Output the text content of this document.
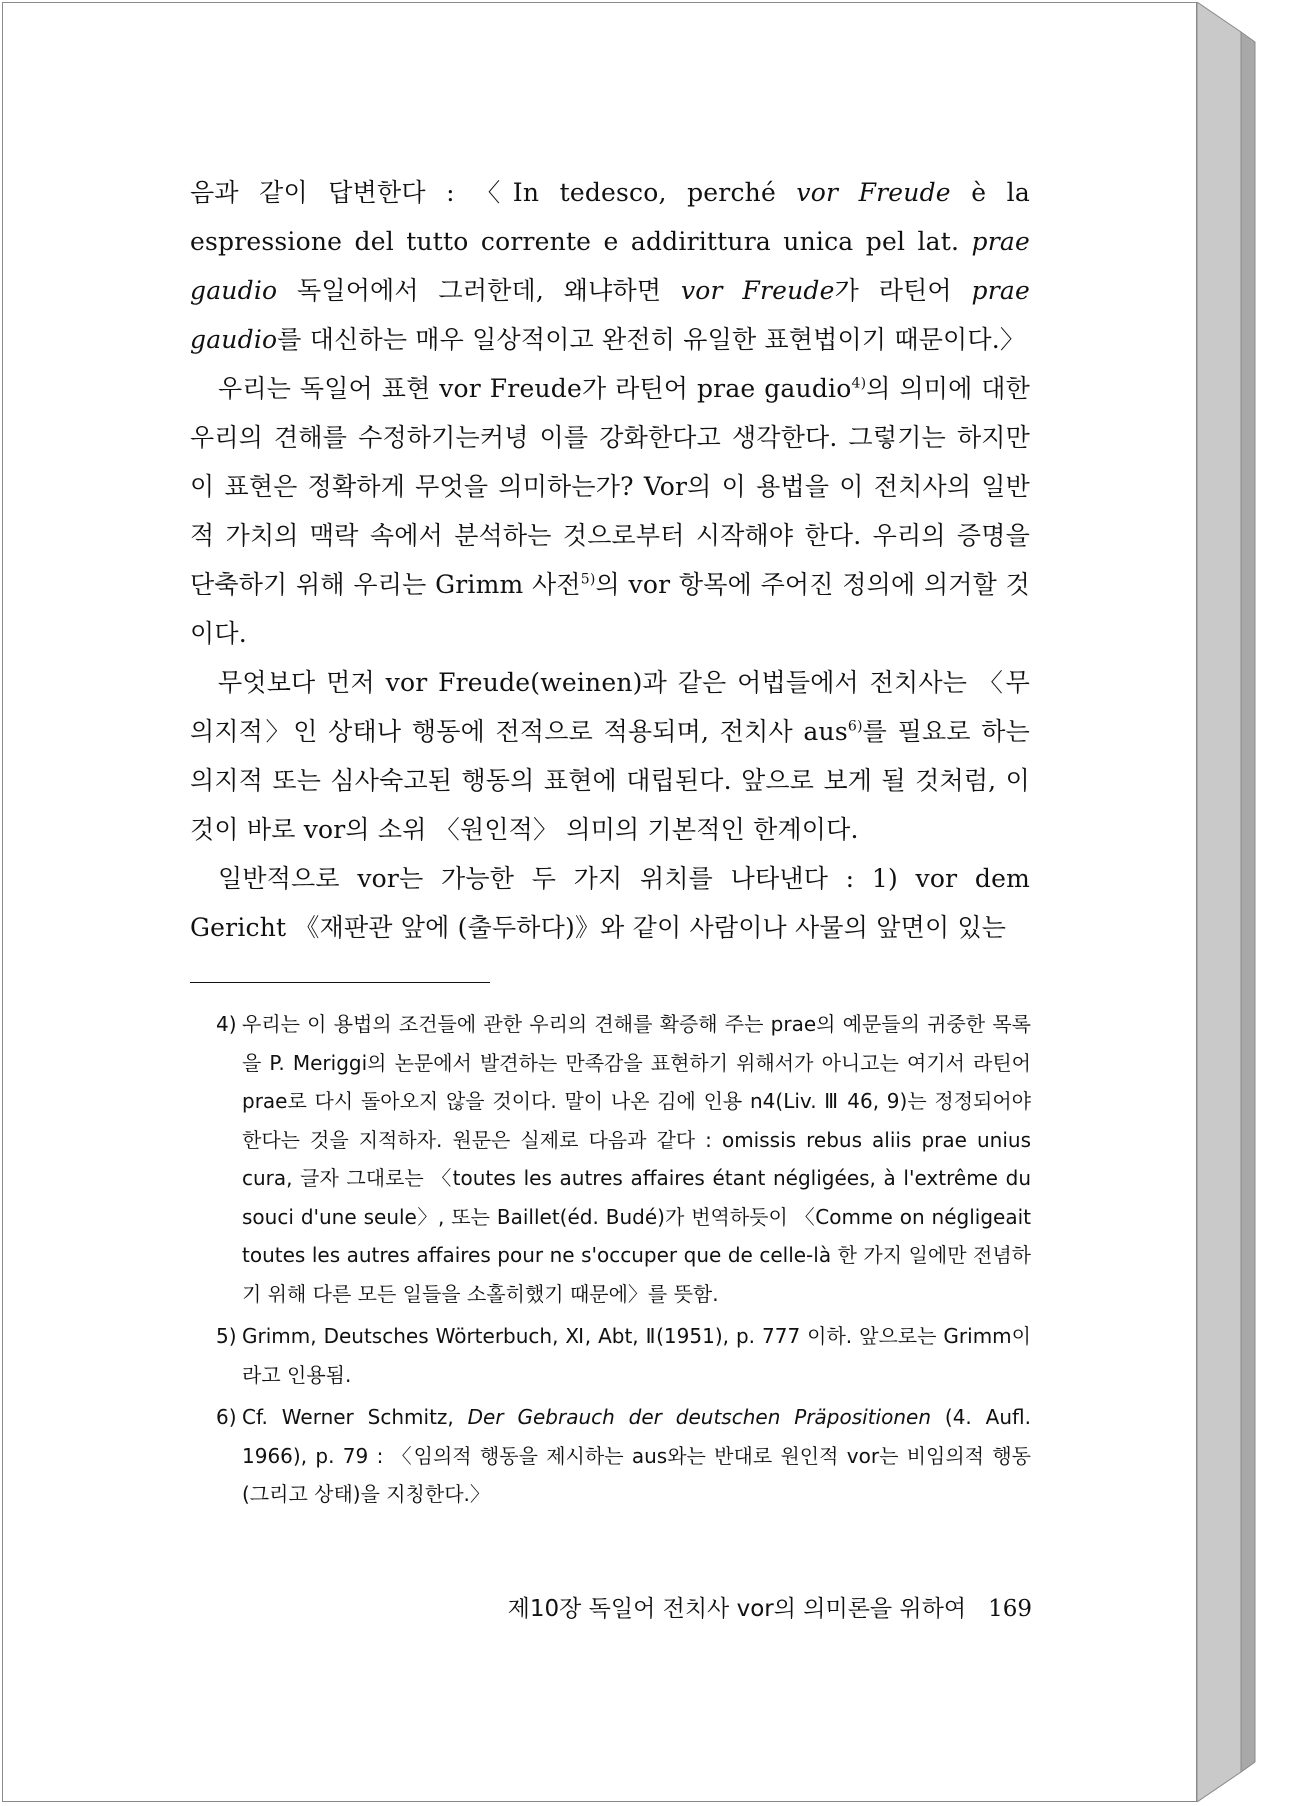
음과 같이 답변한다 : 〈In tedesco, perché vor Freude è la espressione del tutto corrente e addirittura unica pel lat. prae gaudio 독일어에서 그러한데, 왜냐하면 vor Freude가 라틴어 prae gaudio를 대신하는 매우 일상적이고 완전히 유일한 표현법이기 때문이다.〉

우리는 독일어 표현 vor Freude가 라틴어 prae gaudio$^{4)}$의 의미에 대한 우리의 견해를 수정하기는커녕 이를 강화한다고 생각한다. 그렇기는 하지만 이 표현은 정확하게 무엇을 의미하는가? Vor의 이 용법을 이 전치사의 일반적 가치의 맥락 속에서 분석하는 것으로부터 시작해야 한다. 우리의 증명을 단축하기 위해 우리는 Grimm 사전$^{5)}$의 vor 항목에 주어진 정의에 의거할 것이다.

무엇보다 먼저 vor Freude(weinen)과 같은 어법들에서 전치사는 〈무의지적〉인 상태나 행동에 전적으로 적용되며, 전치사 aus$^{6)}$를 필요로 하는 의지적 또는 심사숙고된 행동의 표현에 대립된다. 앞으로 보게 될 것처럼, 이것이 바로 vor의 소위 〈원인적〉 의미의 기본적인 한계이다.

일반적으로 vor는 가능한 두 가지 위치를 나타낸다 : 1) vor dem Gericht 《재판관 앞에 (출두하다)》와 같이 사람이나 사물의 앞면이 있는

4) 우리는 이 용법의 조건들에 관한 우리의 견해를 확증해 주는 prae의 예문들의 귀중한 목록을 P. Meriggi의 논문에서 발견하는 만족감을 표현하기 위해서가 아니고는 여기서 라틴어 prae로 다시 돌아오지 않을 것이다. 말이 나온 김에 인용 n4(Liv. Ⅲ 46, 9)는 정정되어야 한다는 것을 지적하자. 원문은 실제로 다음과 같다 : omissis rebus aliis prae unius cura, 글자 그대로는 〈toutes les autres affaires étant négligées, à l'extrême du souci d'une seule〉, 또는 Baillet(éd. Budé)가 번역하듯이 〈Comme on négligeait toutes les autres affaires pour ne s'occuper que de celle-là 한 가지 일에만 전념하기 위해 다른 모든 일들을 소홀히했기 때문에〉를 뜻함.
5) Grimm, Deutsches Wörterbuch, Ⅺ, Abt, Ⅱ(1951), p. 777 이하. 앞으로는 Grimm이라고 인용됨.
6) Cf. Werner Schmitz, Der Gebrauch der deutschen Präpositionen (4. Aufl. 1966), p. 79 : 〈임의적 행동을 제시하는 aus와는 반대로 원인적 vor는 비임의적 행동(그리고 상태)을 지칭한다.〉
제10장 독일어 전치사 vor의 의미론을 위하여 169
